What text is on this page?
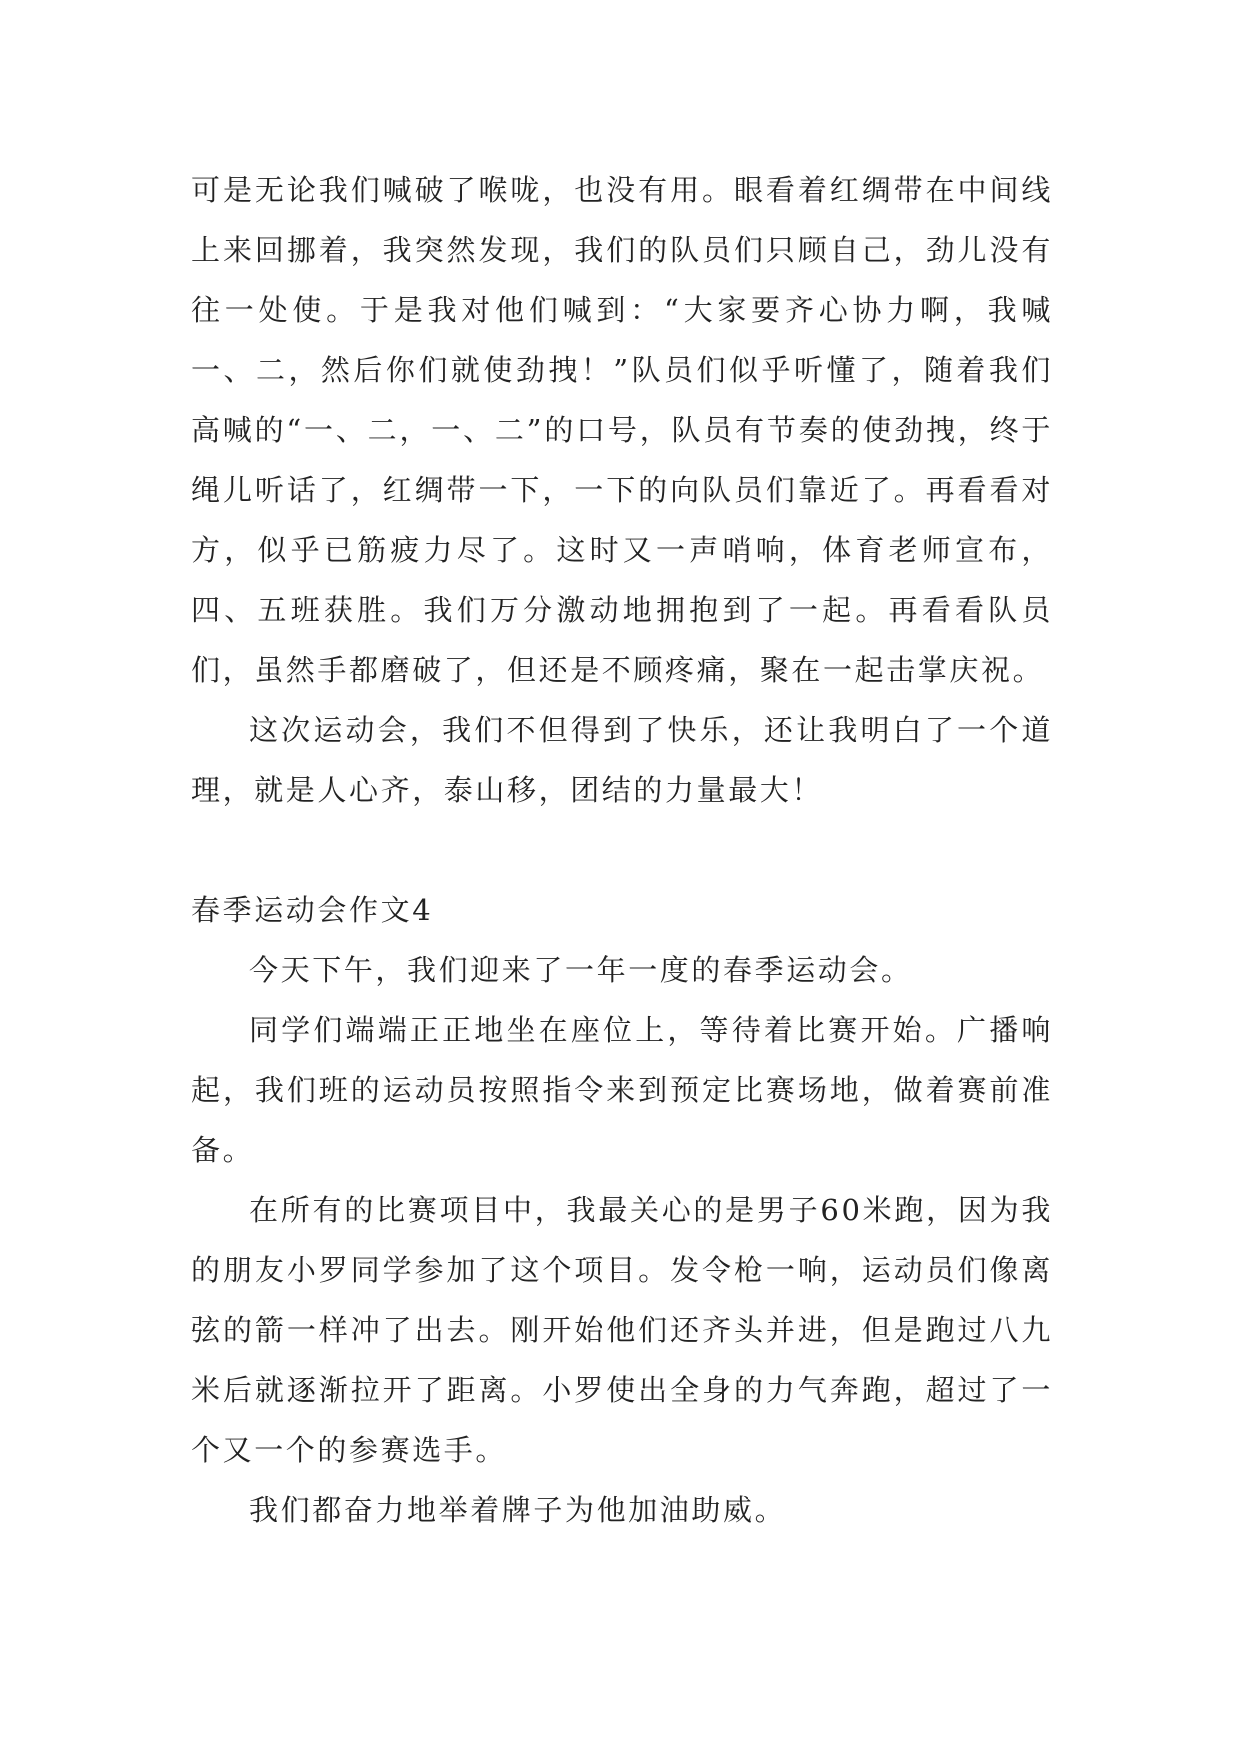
可是无论我们喊破了喉咙，也没有用。眼看着红绸带在中间线上来回挪着，我突然发现，我们的队员们只顾自己，劲儿没有往一处使。于是我对他们喊到：“大家要齐心协力啊，我喊一、二，然后你们就使劲拽！”队员们似乎听懂了，随着我们高喊的“一、二，一、二”的口号，队员有节奏的使劲拽，终于绳儿听话了，红绸带一下，一下的向队员们靠近了。再看看对方，似乎已筋疲力尽了。这时又一声哨响，体育老师宣布，四、五班获胜。我们万分激动地拥抱到了一起。再看看队员们，虽然手都磨破了，但还是不顾疼痛，聚在一起击掌庆祝。

这次运动会，我们不但得到了快乐，还让我明白了一个道理，就是人心齐，泰山移，团结的力量最大！

春季运动会作文4

今天下午，我们迎来了一年一度的春季运动会。

同学们端端正正地坐在座位上，等待着比赛开始。广播响起，我们班的运动员按照指令来到预定比赛场地，做着赛前准备。

在所有的比赛项目中，我最关心的是男子60米跑，因为我的朋友小罗同学参加了这个项目。发令枪一响，运动员们像离弦的箭一样冲了出去。刚开始他们还齐头并进，但是跑过八九米后就逐渐拉开了距离。小罗使出全身的力气奔跑，超过了一个又一个的参赛选手。

我们都奋力地举着牌子为他加油助威。
